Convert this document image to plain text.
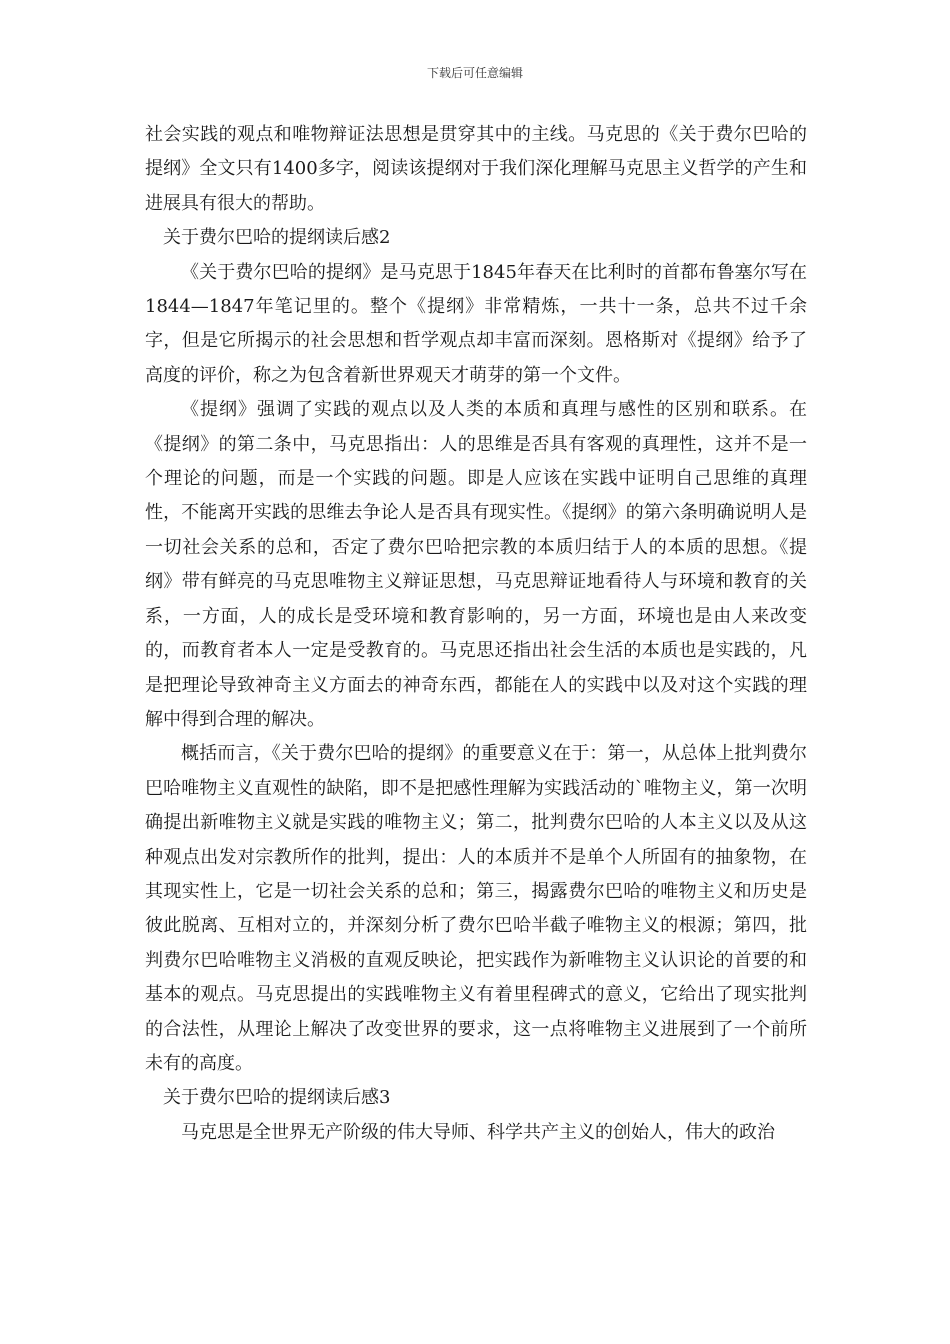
下载后可任意编辑

社会实践的观点和唯物辩证法思想是贯穿其中的主线。马克思的《关于费尔巴哈的提纲》全文只有1400多字，阅读该提纲对于我们深化理解马克思主义哲学的产生和进展具有很大的帮助。

关于费尔巴哈的提纲读后感2

《关于费尔巴哈的提纲》是马克思于1845年春天在比利时的首都布鲁塞尔写在1844—1847年笔记里的。整个《提纲》非常精炼，一共十一条，总共不过千余字，但是它所揭示的社会思想和哲学观点却丰富而深刻。恩格斯对《提纲》给予了高度的评价，称之为包含着新世界观天才萌芽的第一个文件。

《提纲》强调了实践的观点以及人类的本质和真理与感性的区别和联系。在《提纲》的第二条中，马克思指出：人的思维是否具有客观的真理性，这并不是一个理论的问题，而是一个实践的问题。即是人应该在实践中证明自己思维的真理性，不能离开实践的思维去争论人是否具有现实性。《提纲》的第六条明确说明人是一切社会关系的总和，否定了费尔巴哈把宗教的本质归结于人的本质的思想。《提纲》带有鲜亮的马克思唯物主义辩证思想，马克思辩证地看待人与环境和教育的关系，一方面，人的成长是受环境和教育影响的，另一方面，环境也是由人来改变的，而教育者本人一定是受教育的。马克思还指出社会生活的本质也是实践的，凡是把理论导致神奇主义方面去的神奇东西，都能在人的实践中以及对这个实践的理解中得到合理的解决。

概括而言，《关于费尔巴哈的提纲》的重要意义在于：第一，从总体上批判费尔巴哈唯物主义直观性的缺陷，即不是把感性理解为实践活动的`唯物主义，第一次明确提出新唯物主义就是实践的唯物主义；第二，批判费尔巴哈的人本主义以及从这种观点出发对宗教所作的批判，提出：人的本质并不是单个人所固有的抽象物，在其现实性上，它是一切社会关系的总和；第三，揭露费尔巴哈的唯物主义和历史是彼此脱离、互相对立的，并深刻分析了费尔巴哈半截子唯物主义的根源；第四，批判费尔巴哈唯物主义消极的直观反映论，把实践作为新唯物主义认识论的首要的和基本的观点。马克思提出的实践唯物主义有着里程碑式的意义，它给出了现实批判的合法性，从理论上解决了改变世界的要求，这一点将唯物主义进展到了一个前所未有的高度。

关于费尔巴哈的提纲读后感3

马克思是全世界无产阶级的伟大导师、科学共产主义的创始人，伟大的政治
